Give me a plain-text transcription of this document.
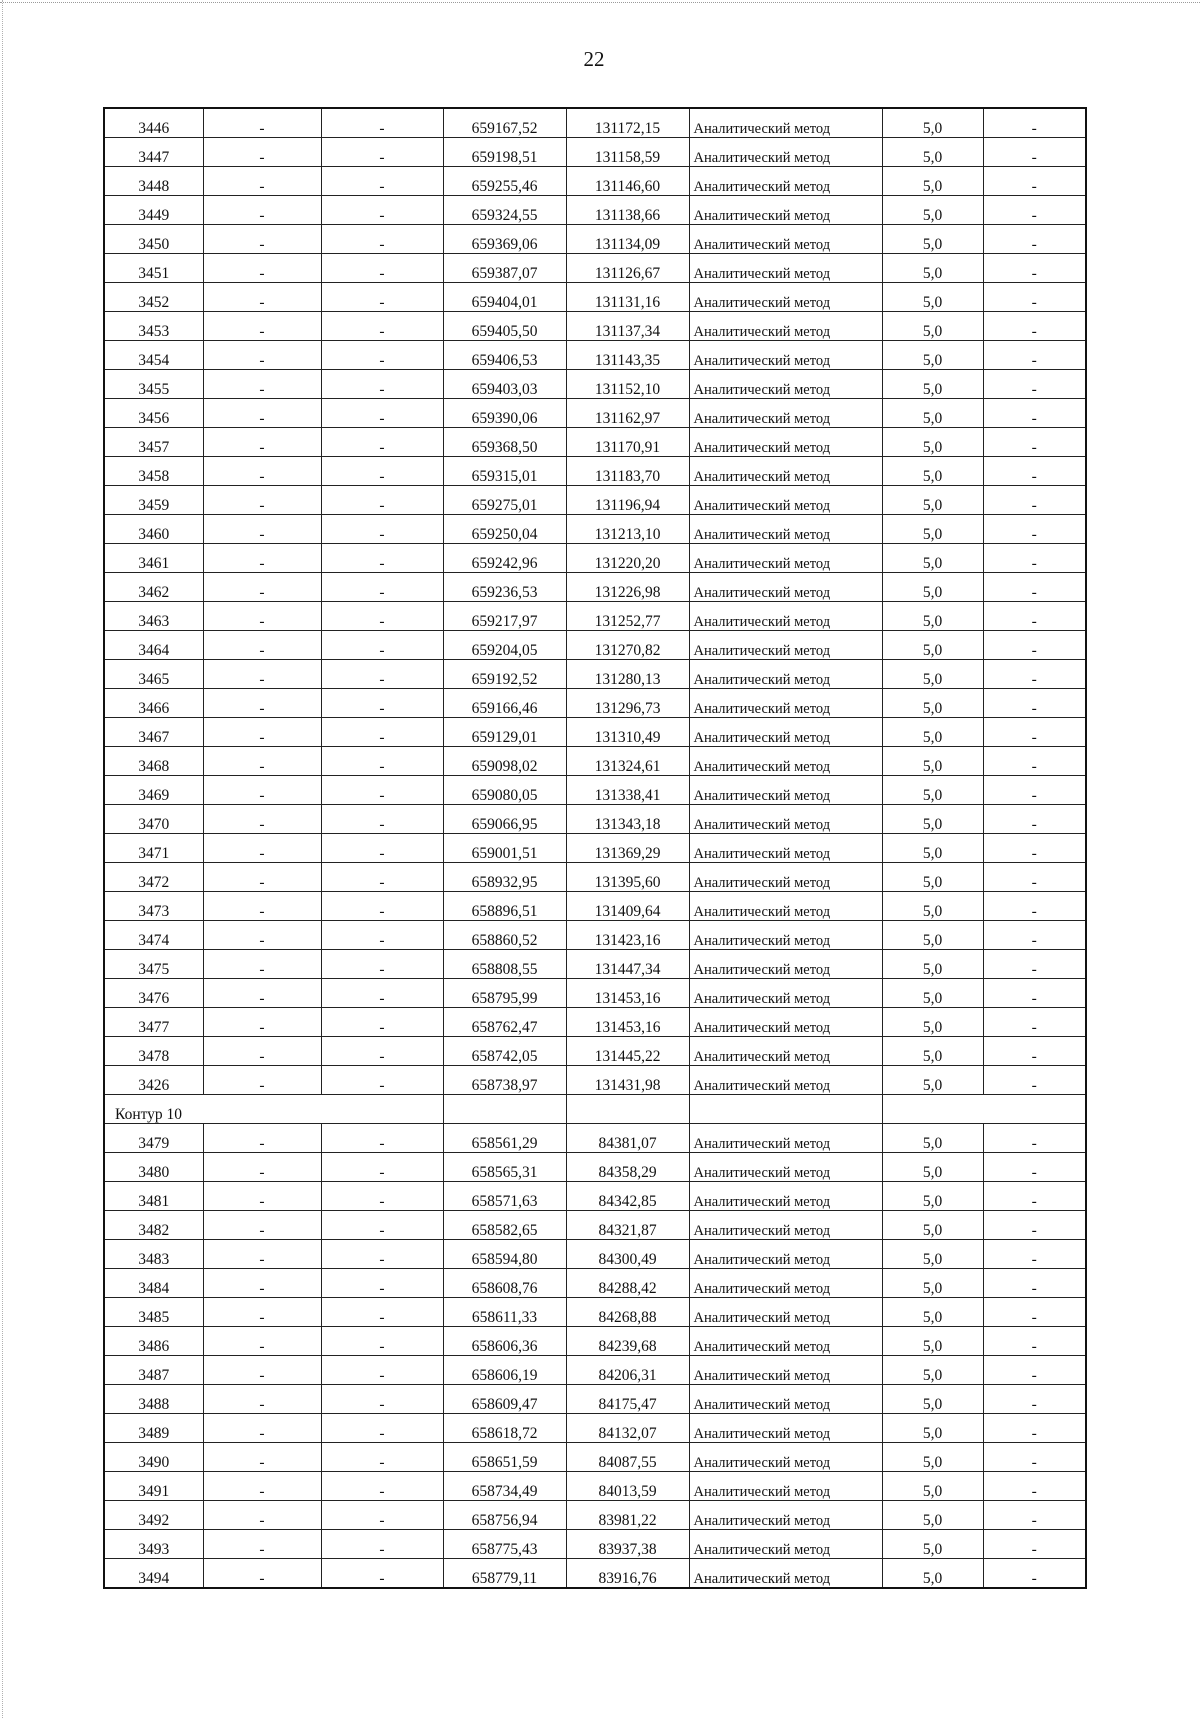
22
3446	-	-	659167,52	131172,15	Аналитический метод	5,0	-
3447	-	-	659198,51	131158,59	Аналитический метод	5,0	-
3448	-	-	659255,46	131146,60	Аналитический метод	5,0	-
3449	-	-	659324,55	131138,66	Аналитический метод	5,0	-
3450	-	-	659369,06	131134,09	Аналитический метод	5,0	-
3451	-	-	659387,07	131126,67	Аналитический метод	5,0	-
3452	-	-	659404,01	131131,16	Аналитический метод	5,0	-
3453	-	-	659405,50	131137,34	Аналитический метод	5,0	-
3454	-	-	659406,53	131143,35	Аналитический метод	5,0	-
3455	-	-	659403,03	131152,10	Аналитический метод	5,0	-
3456	-	-	659390,06	131162,97	Аналитический метод	5,0	-
3457	-	-	659368,50	131170,91	Аналитический метод	5,0	-
3458	-	-	659315,01	131183,70	Аналитический метод	5,0	-
3459	-	-	659275,01	131196,94	Аналитический метод	5,0	-
3460	-	-	659250,04	131213,10	Аналитический метод	5,0	-
3461	-	-	659242,96	131220,20	Аналитический метод	5,0	-
3462	-	-	659236,53	131226,98	Аналитический метод	5,0	-
3463	-	-	659217,97	131252,77	Аналитический метод	5,0	-
3464	-	-	659204,05	131270,82	Аналитический метод	5,0	-
3465	-	-	659192,52	131280,13	Аналитический метод	5,0	-
3466	-	-	659166,46	131296,73	Аналитический метод	5,0	-
3467	-	-	659129,01	131310,49	Аналитический метод	5,0	-
3468	-	-	659098,02	131324,61	Аналитический метод	5,0	-
3469	-	-	659080,05	131338,41	Аналитический метод	5,0	-
3470	-	-	659066,95	131343,18	Аналитический метод	5,0	-
3471	-	-	659001,51	131369,29	Аналитический метод	5,0	-
3472	-	-	658932,95	131395,60	Аналитический метод	5,0	-
3473	-	-	658896,51	131409,64	Аналитический метод	5,0	-
3474	-	-	658860,52	131423,16	Аналитический метод	5,0	-
3475	-	-	658808,55	131447,34	Аналитический метод	5,0	-
3476	-	-	658795,99	131453,16	Аналитический метод	5,0	-
3477	-	-	658762,47	131453,16	Аналитический метод	5,0	-
3478	-	-	658742,05	131445,22	Аналитический метод	5,0	-
3426	-	-	658738,97	131431,98	Аналитический метод	5,0	-
Контур 10							
3479	-	-	658561,29	84381,07	Аналитический метод	5,0	-
3480	-	-	658565,31	84358,29	Аналитический метод	5,0	-
3481	-	-	658571,63	84342,85	Аналитический метод	5,0	-
3482	-	-	658582,65	84321,87	Аналитический метод	5,0	-
3483	-	-	658594,80	84300,49	Аналитический метод	5,0	-
3484	-	-	658608,76	84288,42	Аналитический метод	5,0	-
3485	-	-	658611,33	84268,88	Аналитический метод	5,0	-
3486	-	-	658606,36	84239,68	Аналитический метод	5,0	-
3487	-	-	658606,19	84206,31	Аналитический метод	5,0	-
3488	-	-	658609,47	84175,47	Аналитический метод	5,0	-
3489	-	-	658618,72	84132,07	Аналитический метод	5,0	-
3490	-	-	658651,59	84087,55	Аналитический метод	5,0	-
3491	-	-	658734,49	84013,59	Аналитический метод	5,0	-
3492	-	-	658756,94	83981,22	Аналитический метод	5,0	-
3493	-	-	658775,43	83937,38	Аналитический метод	5,0	-
3494	-	-	658779,11	83916,76	Аналитический метод	5,0	-
